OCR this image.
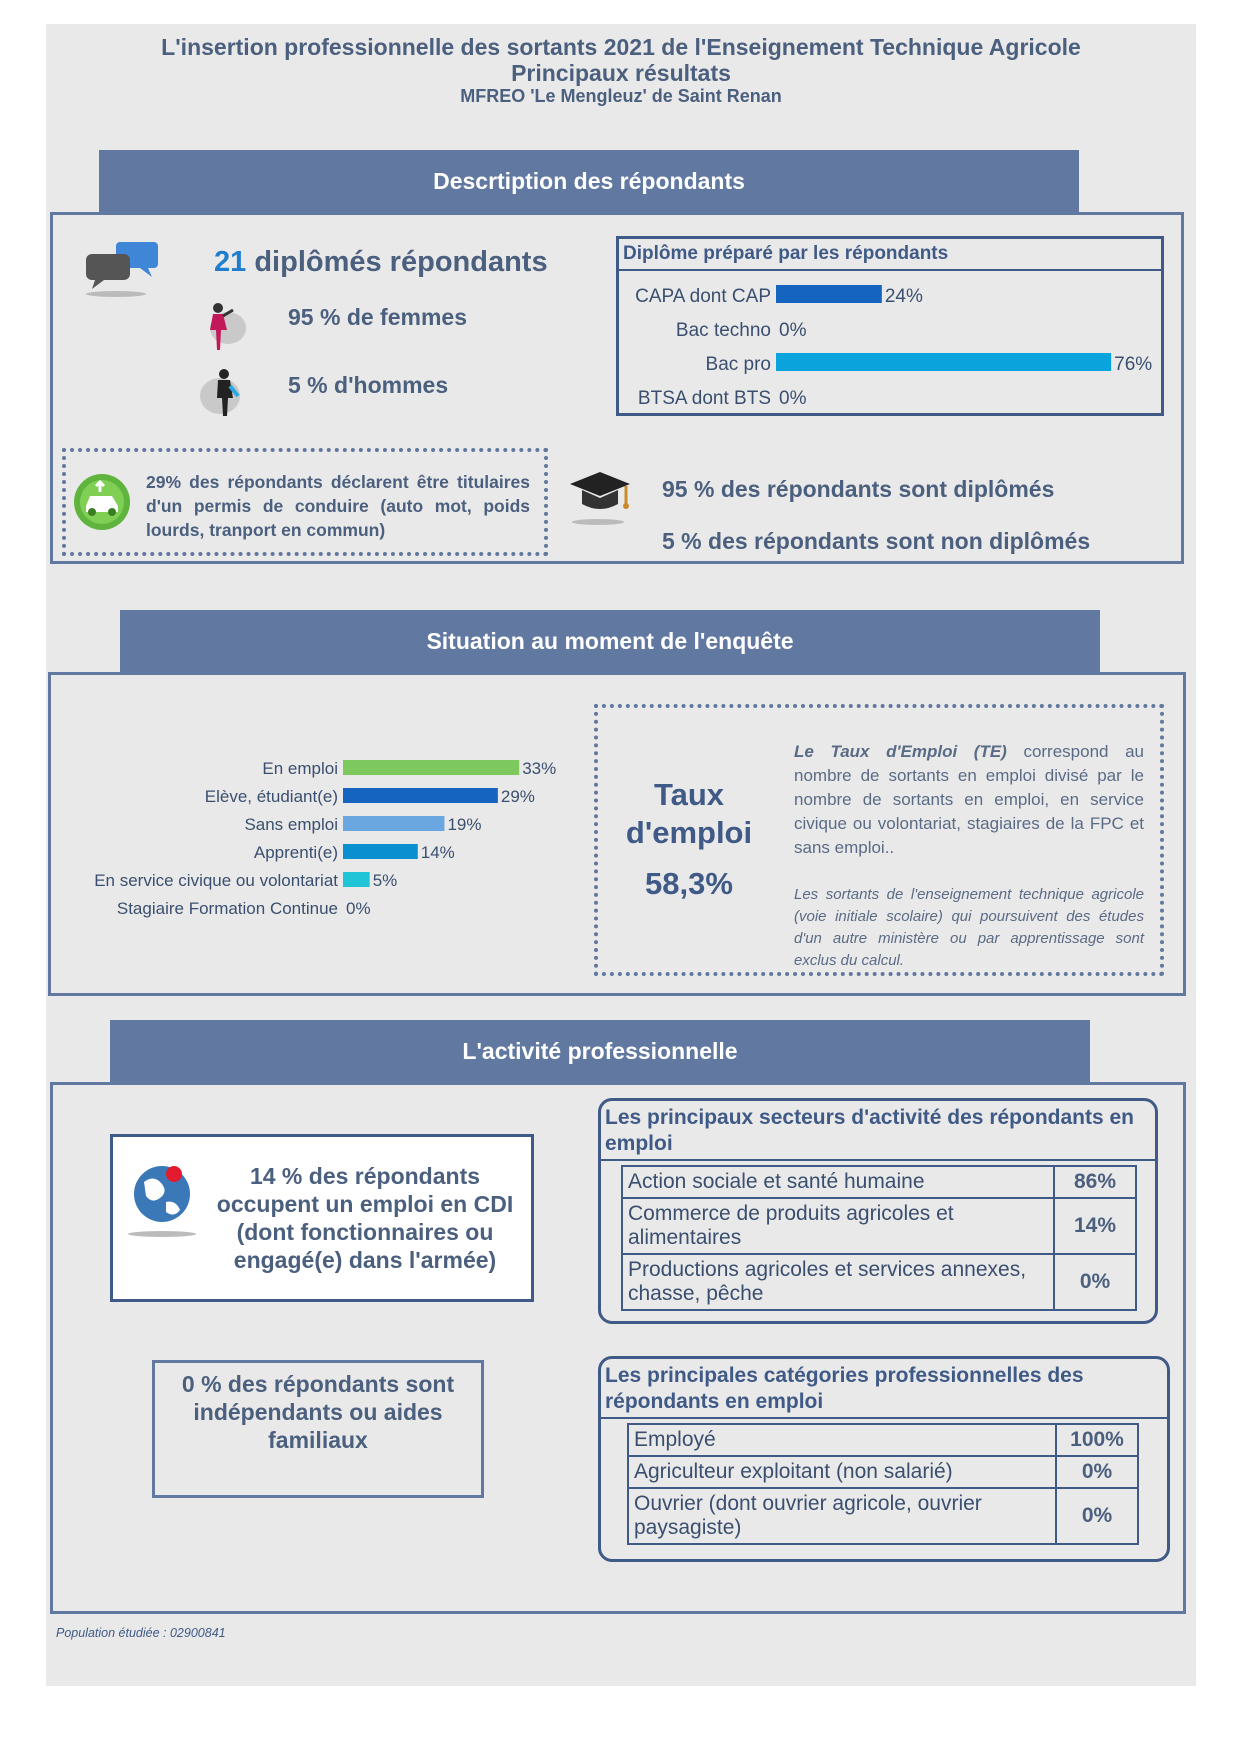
L'insertion professionnelle des sortants 2021 de l'Enseignement Technique Agricole
Principaux résultats
MFREO 'Le Mengleuz' de Saint Renan
Descrtiption des répondants
21 diplômés répondants
95 % de femmes
5 % d'hommes
Diplôme préparé par les répondants
CAPA dont CAP	24%
Bac techno 0%
Bac pro	76%
BTSA dont BTS 0%
29% des répondants déclarent être titulaires d'un permis de conduire (auto mot, poids lourds, tranport en commun)
95 % des répondants sont diplômés
5 % des répondants sont non diplômés
Situation au moment de l'enquête
En emploi	33%
Elève, étudiant(e)	29%
Sans emploi	19%
Apprenti(e)	14%
En service civique ou volontariat 5%
Stagiaire Formation Continue 0%
Taux
d'emploi
58,3%
Le Taux d'Emploi (TE) correspond au nombre de sortants en emploi divisé par le nombre de sortants en emploi, en service civique ou volontariat, stagiaires de la FPC et sans emploi..
Les sortants de l'enseignement technique agricole (voie initiale scolaire) qui poursuivent des études d'un autre ministère ou par apprentissage sont exclus du calcul.
L'activité professionnelle
14 % des répondants occupent un emploi en CDI (dont fonctionnaires ou engagé(e) dans l'armée)
0 % des répondants sont indépendants ou aides familiaux
Les principaux secteurs d'activité des répondants en emploi
Action sociale et santé humaine	86%
Commerce de produits agricoles et alimentaires	14%
Productions agricoles et services annexes, chasse, pêche	0%
Les principales catégories professionnelles des répondants en emploi
Employé	100%
Agriculteur exploitant (non salarié)	0%
Ouvrier (dont ouvrier agricole, ouvrier paysagiste)	0%
Population étudiée : 02900841
